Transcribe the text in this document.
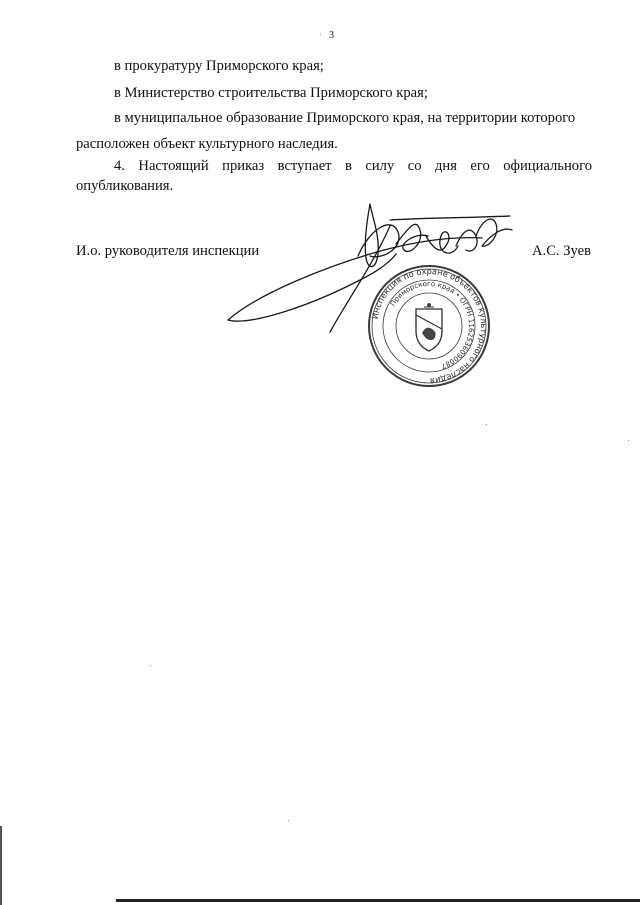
3
в прокуратуру Приморского края;
в Министерство строительства Приморского края;
в муниципальное образование Приморского края, на территории которого
расположен объект культурного наследия.
4. Настоящий приказ вступает в силу со дня его официального
опубликования.
И.о. руководителя инспекции	А.С. Зуев
Инспекция по охране объектов культурного наследия
Приморского края • ОГРН 1162536090087
